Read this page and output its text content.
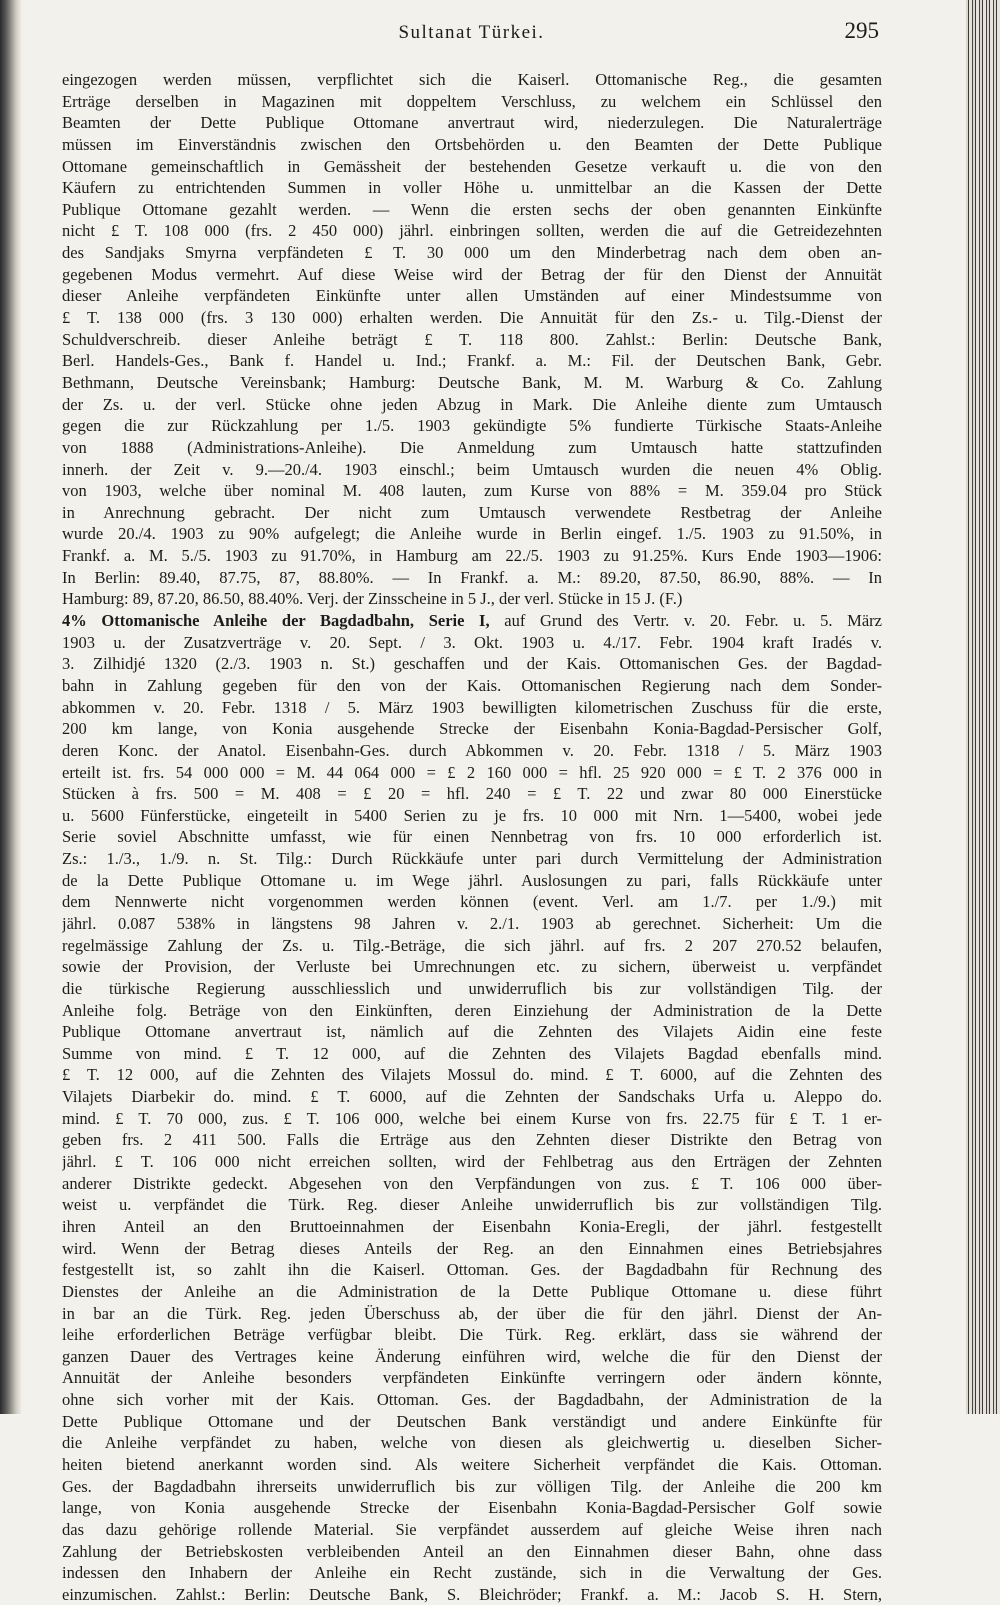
Sultanat Türkei.	295
eingezogen werden müssen, verpflichtet sich die Kaiserl. Ottomanische Reg., die gesamten
Erträge derselben in Magazinen mit doppeltem Verschluss, zu welchem ein Schlüssel den
Beamten der Dette Publique Ottomane anvertraut wird, niederzulegen. Die Naturalerträge
müssen im Einverständnis zwischen den Ortsbehörden u. den Beamten der Dette Publique
Ottomane gemeinschaftlich in Gemässheit der bestehenden Gesetze verkauft u. die von den
Käufern zu entrichtenden Summen in voller Höhe u. unmittelbar an die Kassen der Dette
Publique Ottomane gezahlt werden. — Wenn die ersten sechs der oben genannten Einkünfte
nicht £ T. 108 000 (frs. 2 450 000) jährl. einbringen sollten, werden die auf die Getreidezehnten
des Sandjaks Smyrna verpfändeten £ T. 30 000 um den Minderbetrag nach dem oben an-
gegebenen Modus vermehrt. Auf diese Weise wird der Betrag der für den Dienst der Annuität
dieser Anleihe verpfändeten Einkünfte unter allen Umständen auf einer Mindestsumme von
£ T. 138 000 (frs. 3 130 000) erhalten werden. Die Annuität für den Zs.- u. Tilg.-Dienst der
Schuldverschreib. dieser Anleihe beträgt £ T. 118 800. Zahlst.: Berlin: Deutsche Bank,
Berl. Handels-Ges., Bank f. Handel u. Ind.; Frankf. a. M.: Fil. der Deutschen Bank, Gebr.
Bethmann, Deutsche Vereinsbank; Hamburg: Deutsche Bank, M. M. Warburg & Co. Zahlung
der Zs. u. der verl. Stücke ohne jeden Abzug in Mark. Die Anleihe diente zum Umtausch
gegen die zur Rückzahlung per 1./5. 1903 gekündigte 5% fundierte Türkische Staats-Anleihe
von 1888 (Administrations-Anleihe). Die Anmeldung zum Umtausch hatte stattzufinden
innerh. der Zeit v. 9.—20./4. 1903 einschl.; beim Umtausch wurden die neuen 4% Oblig.
von 1903, welche über nominal M. 408 lauten, zum Kurse von 88% = M. 359.04 pro Stück
in Anrechnung gebracht. Der nicht zum Umtausch verwendete Restbetrag der Anleihe
wurde 20./4. 1903 zu 90% aufgelegt; die Anleihe wurde in Berlin eingef. 1./5. 1903 zu 91.50%, in
Frankf. a. M. 5./5. 1903 zu 91.70%, in Hamburg am 22./5. 1903 zu 91.25%. Kurs Ende 1903—1906:
In Berlin: 89.40, 87.75, 87, 88.80%. — In Frankf. a. M.: 89.20, 87.50, 86.90, 88%. — In
Hamburg: 89, 87.20, 86.50, 88.40%. Verj. der Zinsscheine in 5 J., der verl. Stücke in 15 J. (F.)
4% Ottomanische Anleihe der Bagdadbahn, Serie I, auf Grund des Vertr. v. 20. Febr. u. 5. März
1903 u. der Zusatzverträge v. 20. Sept. / 3. Okt. 1903 u. 4./17. Febr. 1904 kraft Iradés v.
3. Zilhidjé 1320 (2./3. 1903 n. St.) geschaffen und der Kais. Ottomanischen Ges. der Bagdad-
bahn in Zahlung gegeben für den von der Kais. Ottomanischen Regierung nach dem Sonder-
abkommen v. 20. Febr. 1318 / 5. März 1903 bewilligten kilometrischen Zuschuss für die erste,
200 km lange, von Konia ausgehende Strecke der Eisenbahn Konia-Bagdad-Persischer Golf,
deren Konc. der Anatol. Eisenbahn-Ges. durch Abkommen v. 20. Febr. 1318 / 5. März 1903
erteilt ist. frs. 54 000 000 = M. 44 064 000 = £ 2 160 000 = hfl. 25 920 000 = £ T. 2 376 000 in
Stücken à frs. 500 = M. 408 = £ 20 = hfl. 240 = £ T. 22 und zwar 80 000 Einerstücke
u. 5600 Fünferstücke, eingeteilt in 5400 Serien zu je frs. 10 000 mit Nrn. 1—5400, wobei jede
Serie soviel Abschnitte umfasst, wie für einen Nennbetrag von frs. 10 000 erforderlich ist.
Zs.: 1./3., 1./9. n. St. Tilg.: Durch Rückkäufe unter pari durch Vermittelung der Administration
de la Dette Publique Ottomane u. im Wege jährl. Auslosungen zu pari, falls Rückkäufe unter
dem Nennwerte nicht vorgenommen werden können (event. Verl. am 1./7. per 1./9.) mit
jährl. 0.087 538% in längstens 98 Jahren v. 2./1. 1903 ab gerechnet. Sicherheit: Um die
regelmässige Zahlung der Zs. u. Tilg.-Beträge, die sich jährl. auf frs. 2 207 270.52 belaufen,
sowie der Provision, der Verluste bei Umrechnungen etc. zu sichern, überweist u. verpfändet
die türkische Regierung ausschliesslich und unwiderruflich bis zur vollständigen Tilg. der
Anleihe folg. Beträge von den Einkünften, deren Einziehung der Administration de la Dette
Publique Ottomane anvertraut ist, nämlich auf die Zehnten des Vilajets Aidin eine feste
Summe von mind. £ T. 12 000, auf die Zehnten des Vilajets Bagdad ebenfalls mind.
£ T. 12 000, auf die Zehnten des Vilajets Mossul do. mind. £ T. 6000, auf die Zehnten des
Vilajets Diarbekir do. mind. £ T. 6000, auf die Zehnten der Sandschaks Urfa u. Aleppo do.
mind. £ T. 70 000, zus. £ T. 106 000, welche bei einem Kurse von frs. 22.75 für £ T. 1 er-
geben frs. 2 411 500. Falls die Erträge aus den Zehnten dieser Distrikte den Betrag von
jährl. £ T. 106 000 nicht erreichen sollten, wird der Fehlbetrag aus den Erträgen der Zehnten
anderer Distrikte gedeckt. Abgesehen von den Verpfändungen von zus. £ T. 106 000 über-
weist u. verpfändet die Türk. Reg. dieser Anleihe unwiderruflich bis zur vollständigen Tilg.
ihren Anteil an den Bruttoeinnahmen der Eisenbahn Konia-Eregli, der jährl. festgestellt
wird. Wenn der Betrag dieses Anteils der Reg. an den Einnahmen eines Betriebsjahres
festgestellt ist, so zahlt ihn die Kaiserl. Ottoman. Ges. der Bagdadbahn für Rechnung des
Dienstes der Anleihe an die Administration de la Dette Publique Ottomane u. diese führt
in bar an die Türk. Reg. jeden Überschuss ab, der über die für den jährl. Dienst der An-
leihe erforderlichen Beträge verfügbar bleibt. Die Türk. Reg. erklärt, dass sie während der
ganzen Dauer des Vertrages keine Änderung einführen wird, welche die für den Dienst der
Annuität der Anleihe besonders verpfändeten Einkünfte verringern oder ändern könnte,
ohne sich vorher mit der Kais. Ottoman. Ges. der Bagdadbahn, der Administration de la
Dette Publique Ottomane und der Deutschen Bank verständigt und andere Einkünfte für
die Anleihe verpfändet zu haben, welche von diesen als gleichwertig u. dieselben Sicher-
heiten bietend anerkannt worden sind. Als weitere Sicherheit verpfändet die Kais. Ottoman.
Ges. der Bagdadbahn ihrerseits unwiderruflich bis zur völligen Tilg. der Anleihe die 200 km
lange, von Konia ausgehende Strecke der Eisenbahn Konia-Bagdad-Persischer Golf sowie
das dazu gehörige rollende Material. Sie verpfändet ausserdem auf gleiche Weise ihren nach
Zahlung der Betriebskosten verbleibenden Anteil an den Einnahmen dieser Bahn, ohne dass
indessen den Inhabern der Anleihe ein Recht zustände, sich in die Verwaltung der Ges.
einzumischen. Zahlst.: Berlin: Deutsche Bank, S. Bleichröder; Frankf. a. M.: Jacob S. H. Stern,
